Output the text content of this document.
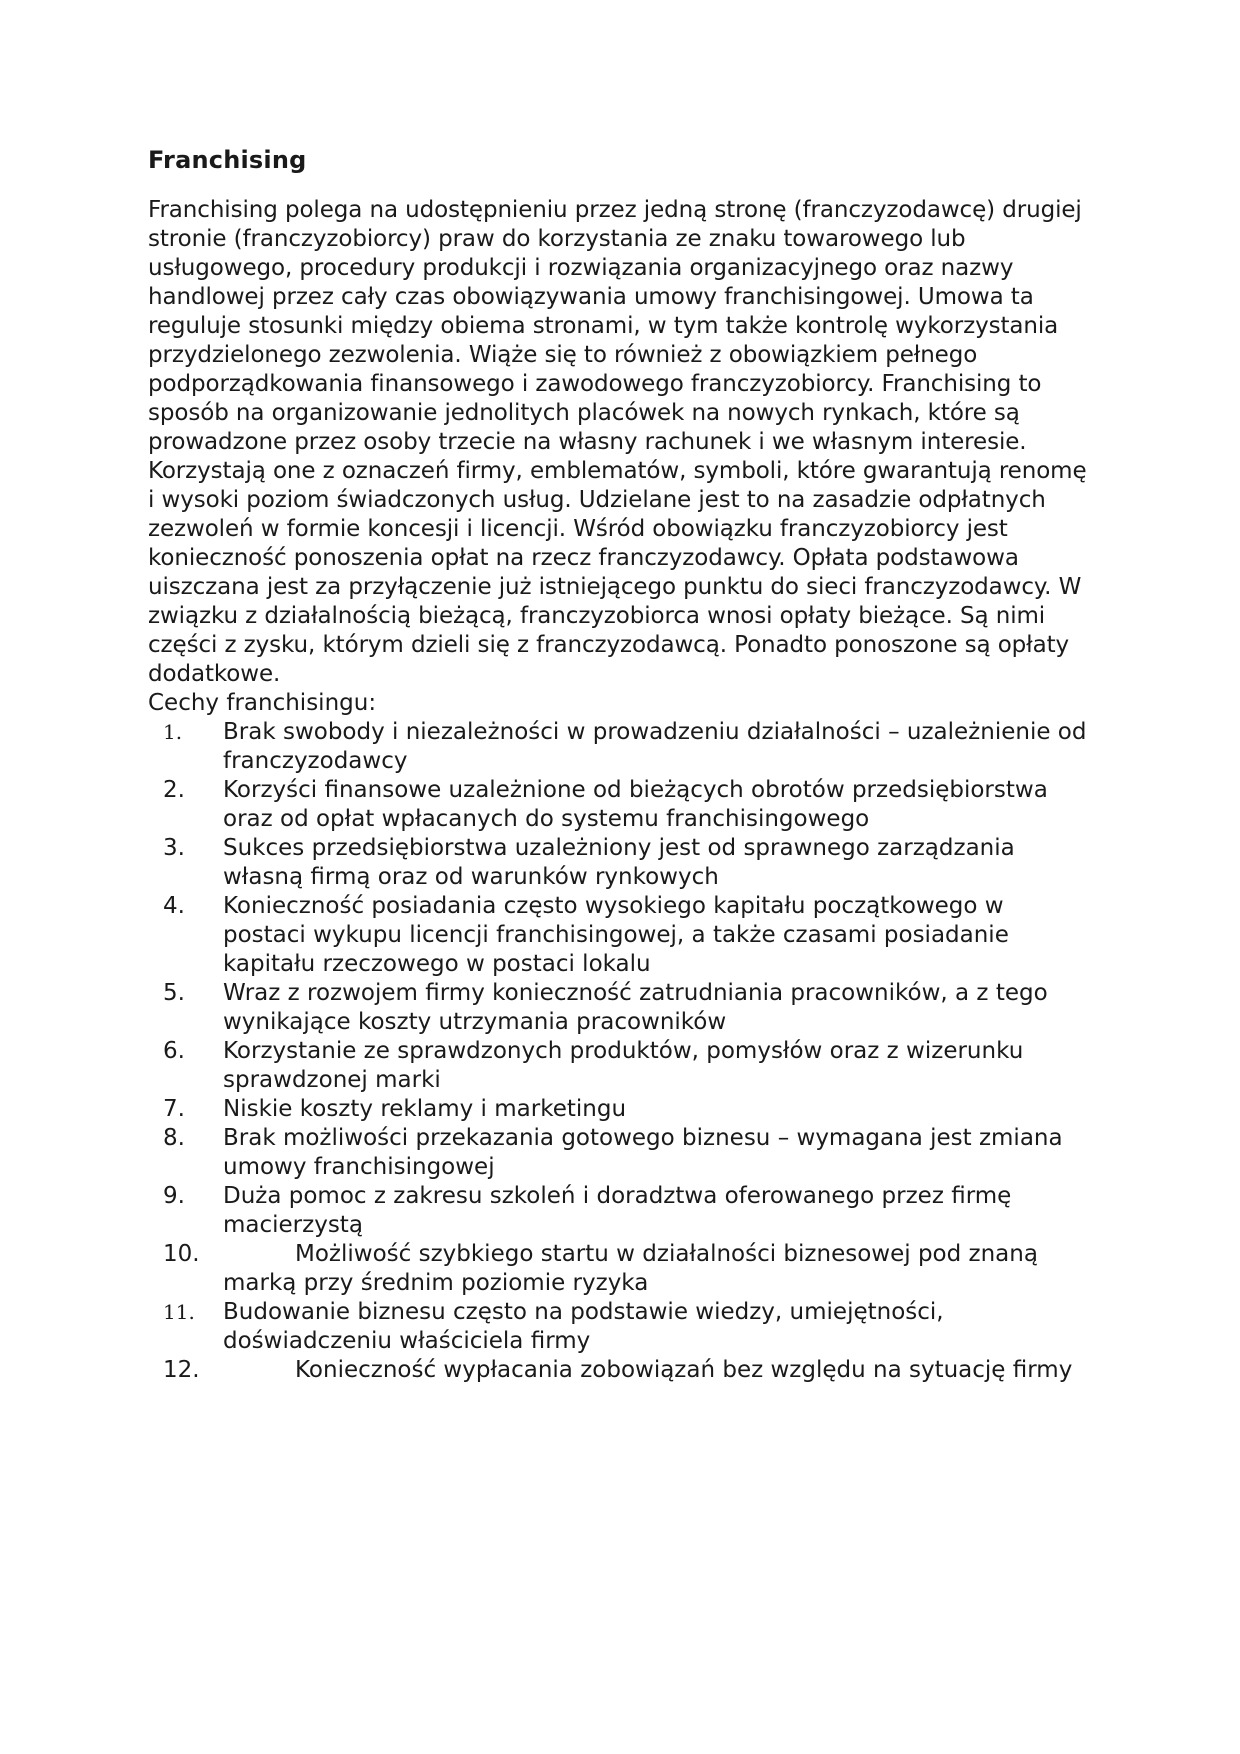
Franchising

Franchising polega na udostępnieniu przez jedną stronę (franczyzodawcę) drugiej stronie (franczyzobiorcy) praw do korzystania ze znaku towarowego lub usługowego, procedury produkcji i rozwiązania organizacyjnego oraz nazwy handlowej przez cały czas obowiązywania umowy franchisingowej. Umowa ta reguluje stosunki między obiema stronami, w tym także kontrolę wykorzystania przydzielonego zezwolenia. Wiąże się to również z obowiązkiem pełnego podporządkowania finansowego i zawodowego franczyzobiorcy. Franchising to sposób na organizowanie jednolitych placówek na nowych rynkach, które są prowadzone przez osoby trzecie na własny rachunek i we własnym interesie. Korzystają one z oznaczeń firmy, emblematów, symboli, które gwarantują renomę i wysoki poziom świadczonych usług. Udzielane jest to na zasadzie odpłatnych zezwoleń w formie koncesji i licencji. Wśród obowiązku franczyzobiorcy jest konieczność ponoszenia opłat na rzecz franczyzodawcy. Opłata podstawowa uiszczana jest za przyłączenie już istniejącego punktu do sieci franczyzodawcy. W związku z działalnością bieżącą, franczyzobiorca wnosi opłaty bieżące. Są nimi części z zysku, którym dzieli się z franczyzodawcą. Ponadto ponoszone są opłaty dodatkowe.

Cechy franchisingu:

1.	Brak swobody i niezależności w prowadzeniu działalności – uzależnienie od franczyzodawcy
2.	Korzyści finansowe uzależnione od bieżących obrotów przedsiębiorstwa oraz od opłat wpłacanych do systemu franchisingowego
3.	Sukces przedsiębiorstwa uzależniony jest od sprawnego zarządzania własną firmą oraz od warunków rynkowych
4.	Konieczność posiadania często wysokiego kapitału początkowego w postaci wykupu licencji franchisingowej, a także czasami posiadanie kapitału rzeczowego w postaci lokalu
5.	Wraz z rozwojem firmy konieczność zatrudniania pracowników, a z tego wynikające koszty utrzymania pracowników
6.	Korzystanie ze sprawdzonych produktów, pomysłów oraz z wizerunku sprawdzonej marki
7.	Niskie koszty reklamy i marketingu
8.	Brak możliwości przekazania gotowego biznesu – wymagana jest zmiana umowy franchisingowej
9.	Duża pomoc z zakresu szkoleń i doradztwa oferowanego przez firmę macierzystą
10.	Możliwość szybkiego startu w działalności biznesowej pod znaną marką przy średnim poziomie ryzyka
11.	Budowanie biznesu często na podstawie wiedzy, umiejętności, doświadczeniu właściciela firmy
12.	Konieczność wypłacania zobowiązań bez względu na sytuację firmy
